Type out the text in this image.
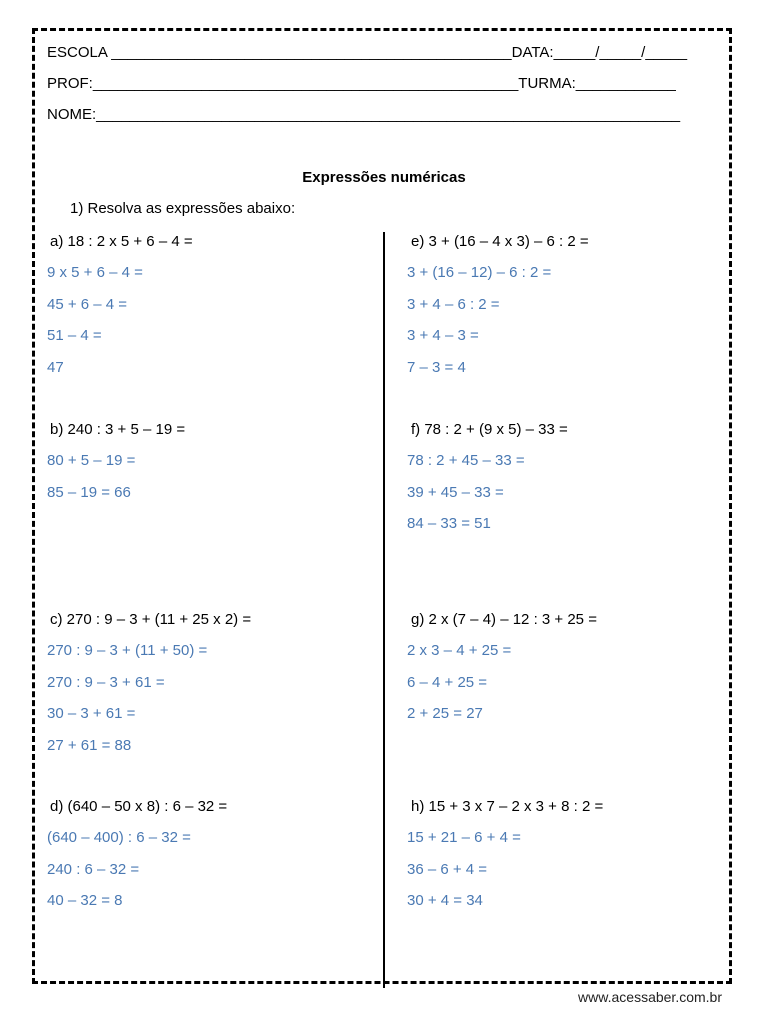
ESCOLA ________________________________________________DATA:_____/_____/_____
PROF:___________________________________________________TURMA:____________
NOME:______________________________________________________________________
Expressões numéricas
1) Resolva as expressões abaixo:
a) 18 : 2 x 5 + 6 – 4 =
9 x 5 + 6 – 4 =
45 + 6 – 4 =
51 – 4 =
47
b) 240 : 3 + 5 – 19 =
80 + 5 – 19 =
85 – 19 = 66
c) 270 : 9 – 3 + (11 + 25 x 2) =
270 : 9 – 3 + (11 + 50) =
270 : 9 – 3 + 61 =
30 – 3 + 61 =
27 + 61 = 88
d) (640 – 50 x 8) : 6 – 32 =
(640 – 400) : 6 – 32 =
240 : 6 – 32 =
40 – 32 = 8
e) 3 + (16 – 4 x 3) – 6 : 2 =
3 + (16 – 12) – 6 : 2 =
3 + 4 – 6 : 2 =
3 + 4 – 3 =
7 – 3 = 4
f) 78 : 2 + (9 x 5) – 33 =
78 : 2 + 45 – 33 =
39 + 45 – 33 =
84 – 33 = 51
g) 2 x (7 – 4) – 12 : 3 + 25 =
2 x 3 – 4 + 25 =
6 – 4 + 25 =
2 + 25 = 27
h) 15 + 3 x 7 – 2 x 3 + 8 : 2 =
15 + 21 – 6 + 4 =
36 – 6 + 4 =
30 + 4 = 34
www.acessaber.com.br
